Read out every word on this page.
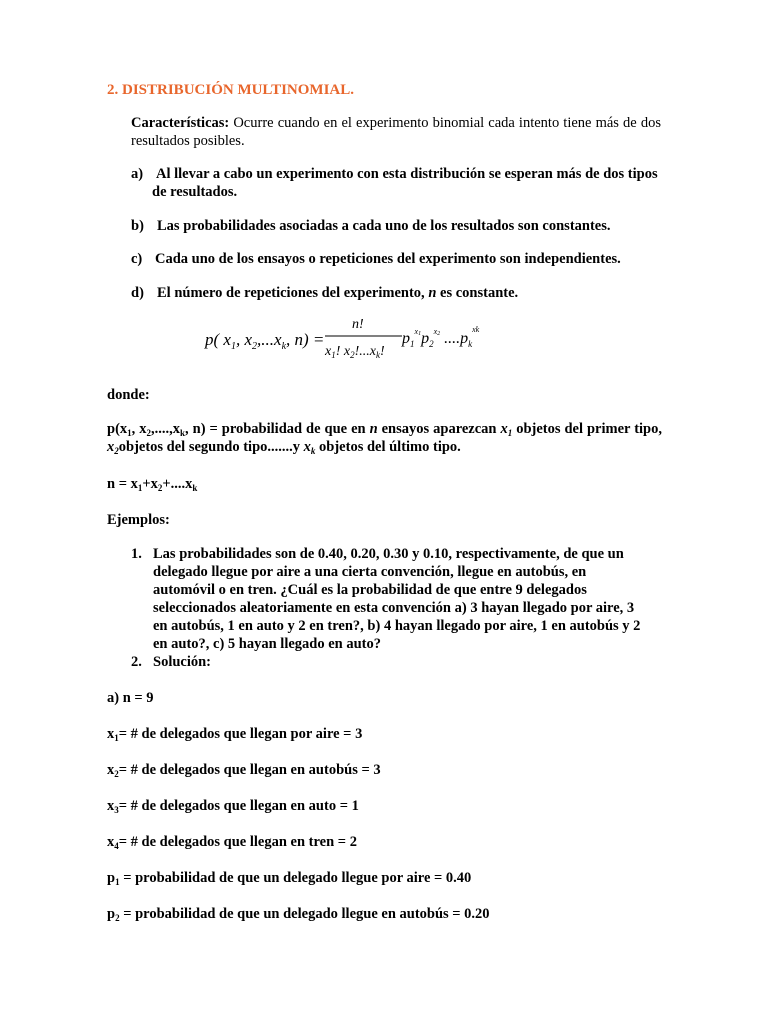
2. DISTRIBUCIÓN MULTINOMIAL.
Características: Ocurre cuando en el experimento binomial cada intento tiene más de dos resultados posibles.
a) Al llevar a cabo un experimento con esta distribución se esperan más de dos tipos de resultados.
b) Las probabilidades asociadas a cada uno de los resultados son constantes.
c) Cada uno de los ensayos o repeticiones del experimento son independientes.
d) El número de repeticiones del experimento, n es constante.
p( $x_1$, $x_2,...x_k$, n) =
n!
$x_1$! $x_2!...x_k$!
$p_1^x1p_2^x2$ $....p_k^{xk}$
donde:
$p(x_1$, $x_2,....,x_k$, n) = probabilidad de que en n ensayos aparezcan $x_1$ objetos del primer tipo, $x_2objetos$ del segundo tipo.......y $x_k$ objetos del último tipo.
$n = x_1+x_2+....x_k$
Ejemplos:
1. Las probabilidades son de 0.40, 0.20, 0.30 y 0.10, respectivamente, de que un delegado llegue por aire a una cierta convención, llegue en autobús, en automóvil o en tren. ¿Cuál es la probabilidad de que entre 9 delegados seleccionados aleatoriamente en esta convención a) 3 hayan llegado por aire, 3 en autobús, 1 en auto y 2 en tren?, b) 4 hayan llegado por aire, 1 en autobús y 2 en auto?, c) 5 hayan llegado en auto?
2. Solución:
a) n = 9
$x_1=$ # de delegados que llegan por aire = 3
$x_2=$ # de delegados que llegan en autobús = 3
$x_3=$ # de delegados que llegan en auto = 1
$x_4=$ # de delegados que llegan en tren = 2
$p_1$ = probabilidad de que un delegado llegue por aire = 0.40
$p_2$ = probabilidad de que un delegado llegue en autobús = 0.20
